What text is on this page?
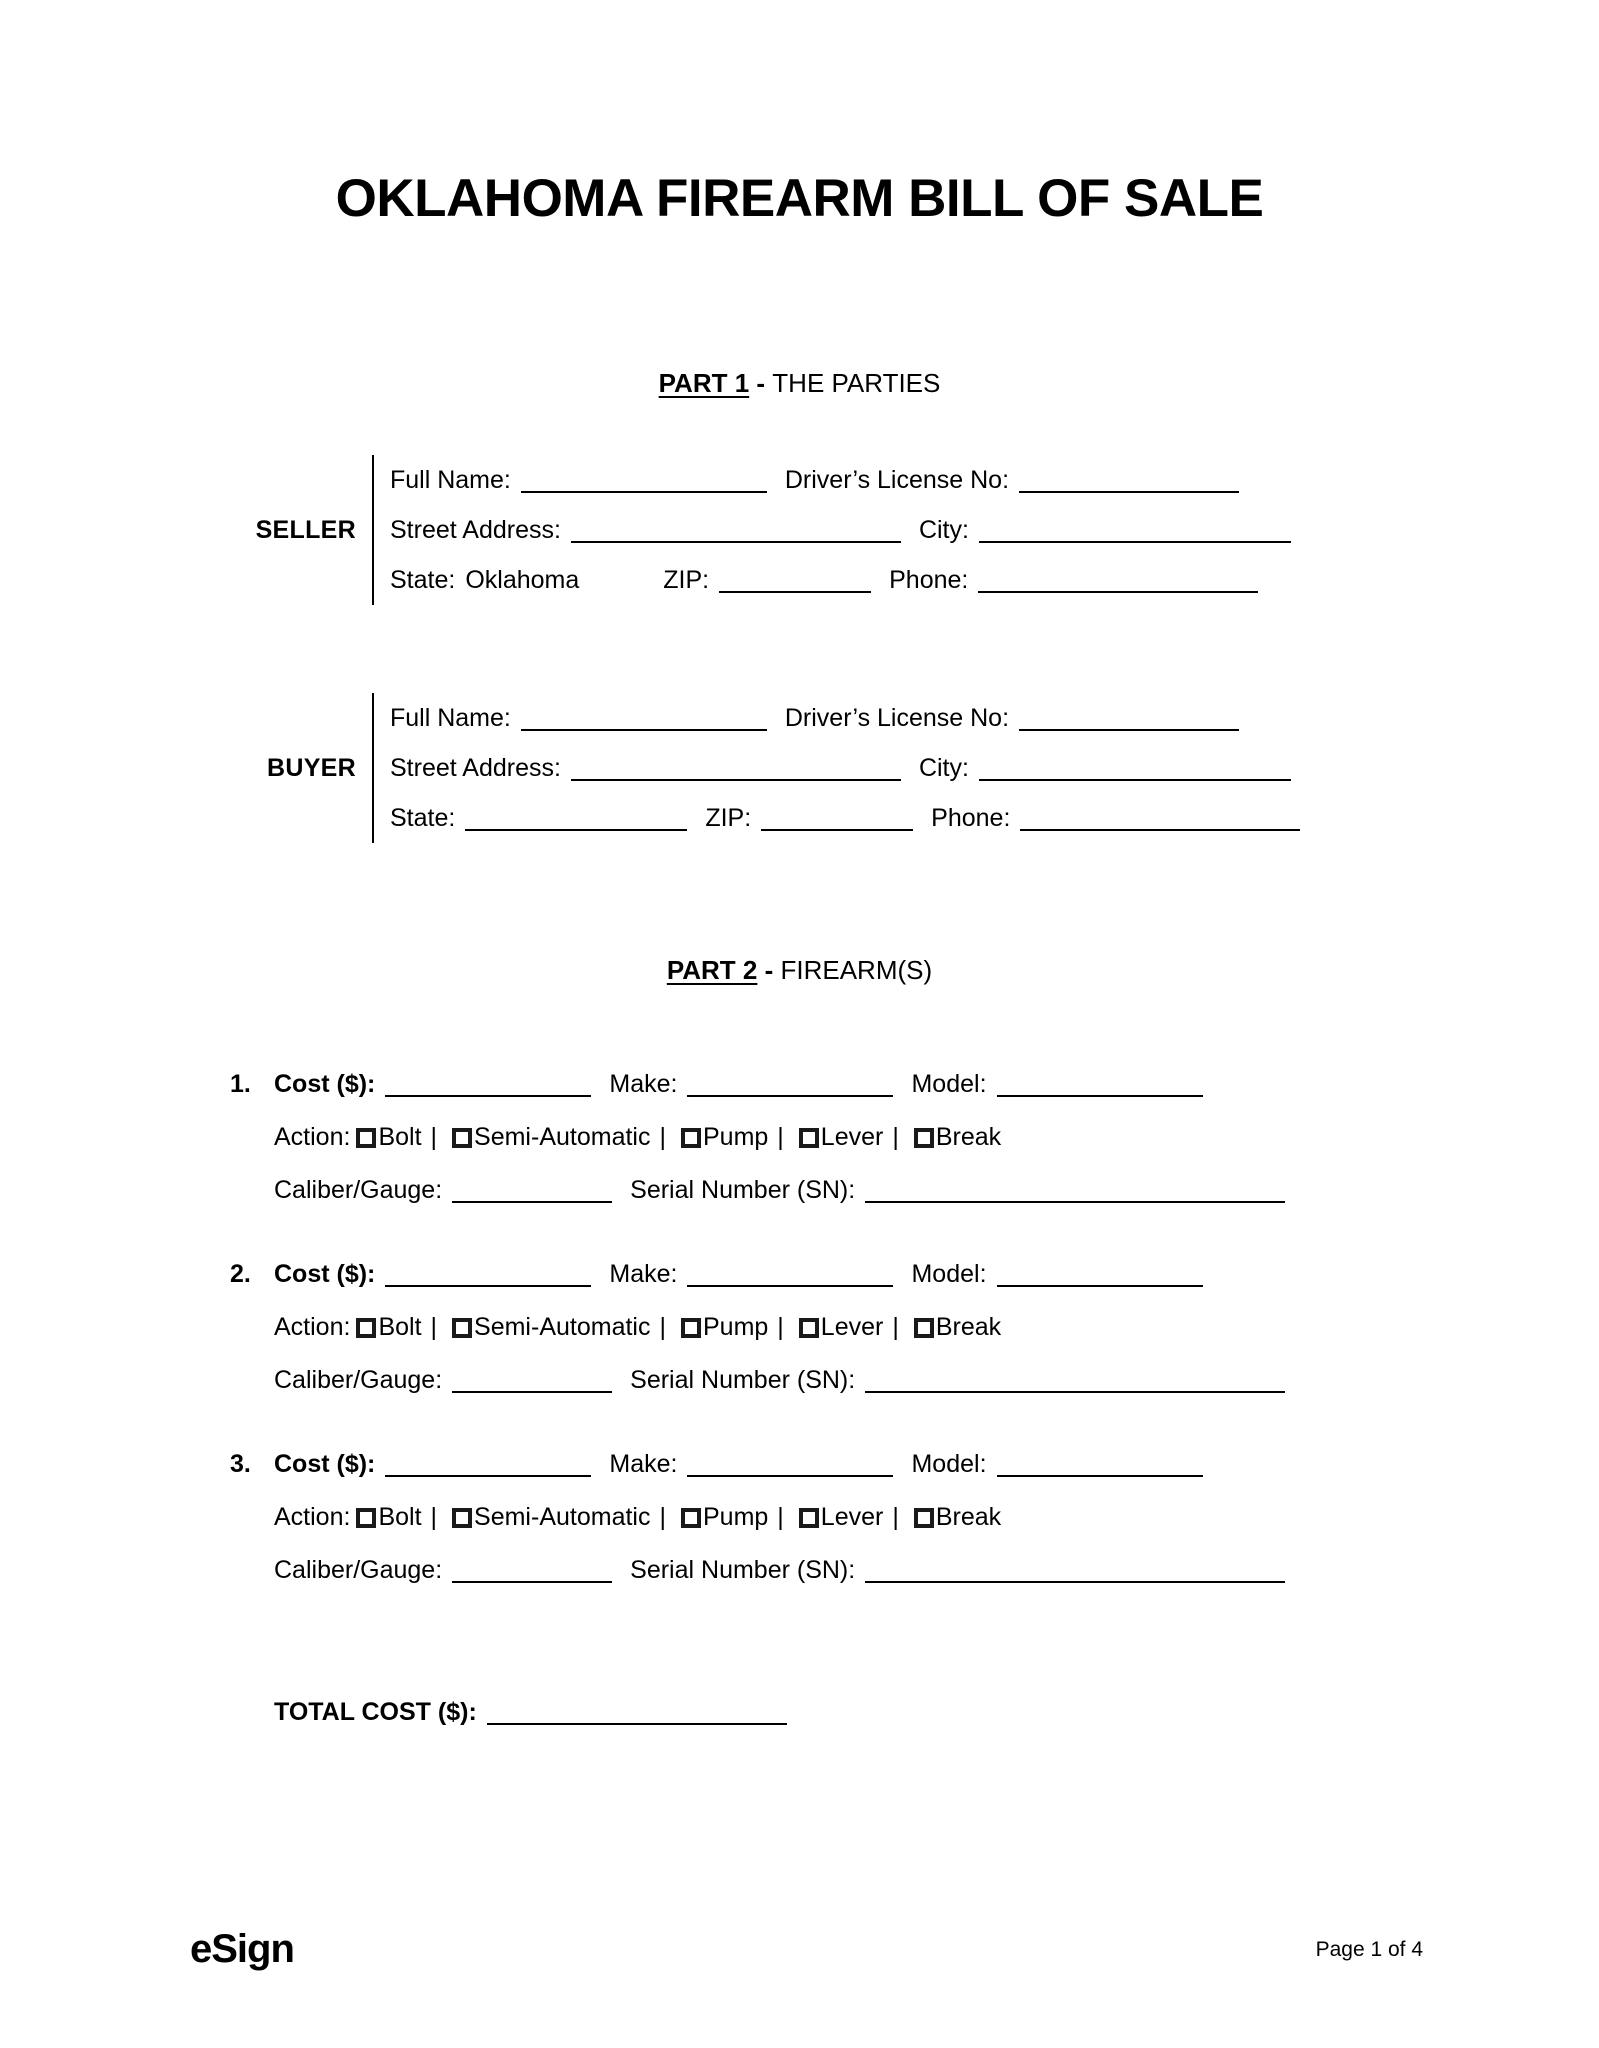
OKLAHOMA FIREARM BILL OF SALE
PART 1 - THE PARTIES
SELLER
Full Name:	Driver’s License No:
Street Address:	City:
State: Oklahoma	ZIP:	Phone:
BUYER
Full Name:	Driver’s License No:
Street Address:	City:
State:	ZIP:	Phone:
PART 2 - FIREARM(S)
1. Cost ($):	Make:	Model:
Action: Bolt |	Semi-Automatic |	Pump |	Lever |	Break
Caliber/Gauge:	Serial Number (SN):
2. Cost ($):	Make:	Model:
Action: Bolt |	Semi-Automatic |	Pump |	Lever |	Break
Caliber/Gauge:	Serial Number (SN):
3. Cost ($):	Make:	Model:
Action: Bolt |	Semi-Automatic |	Pump |	Lever |	Break
Caliber/Gauge:	Serial Number (SN):
TOTAL COST ($):
eSign	Page 1 of 4
